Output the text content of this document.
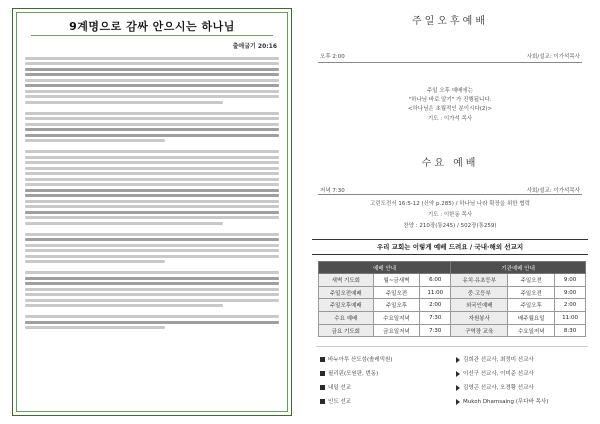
9계명으로 감싸 안으시는 하나님
출애굽기 20:16
주일오후예배
오후 2:00	사회/설교: 이가석목사
주일 오후 예배에는
"하나님 바로 알기" 가 진행됩니다.
<하나님은 초월적인 분이시다(2)>
기도 : 이가석 목사
수요 예배
저녁 7:30	사회/설교: 이가석목사
고린도전서 16:5-12 (신약 p.285) / 하나님 나라 확장을 위한 협력
기도 : 이한동 목사
찬양 : 210장(통245) / 502장(통259)
우리 교회는 이렇게 예배 드려요 / 국내·해외 선교지
예배 안내			기관예배 안내		
새벽 기도회	월~금새벽	6:00	유치·유초등부	주일오전	9:00
주일오전예배	주일오전	11:00	중·고등부	주일오전	9:00
주일오후예배	주일오후	2:00	외국인예배	주일오후	2:00
수요 예배	수요일저녁	7:30	자원봉사	배주월요일	11:00
금요 기도회	금요일저녁	7:30	구역장 교육	수요일저녁	8:30
바누아투 산도섬(솔레믹원)	김희관 선교사, 최정미 선교사
필리핀(모원판, 번동)	이선구 선교사, 이미준 선교사
내일 선교	김영곤 선교사, 오경황 선교사
인도 선교	Mukoh Dhamsaing (무다바 목사)
